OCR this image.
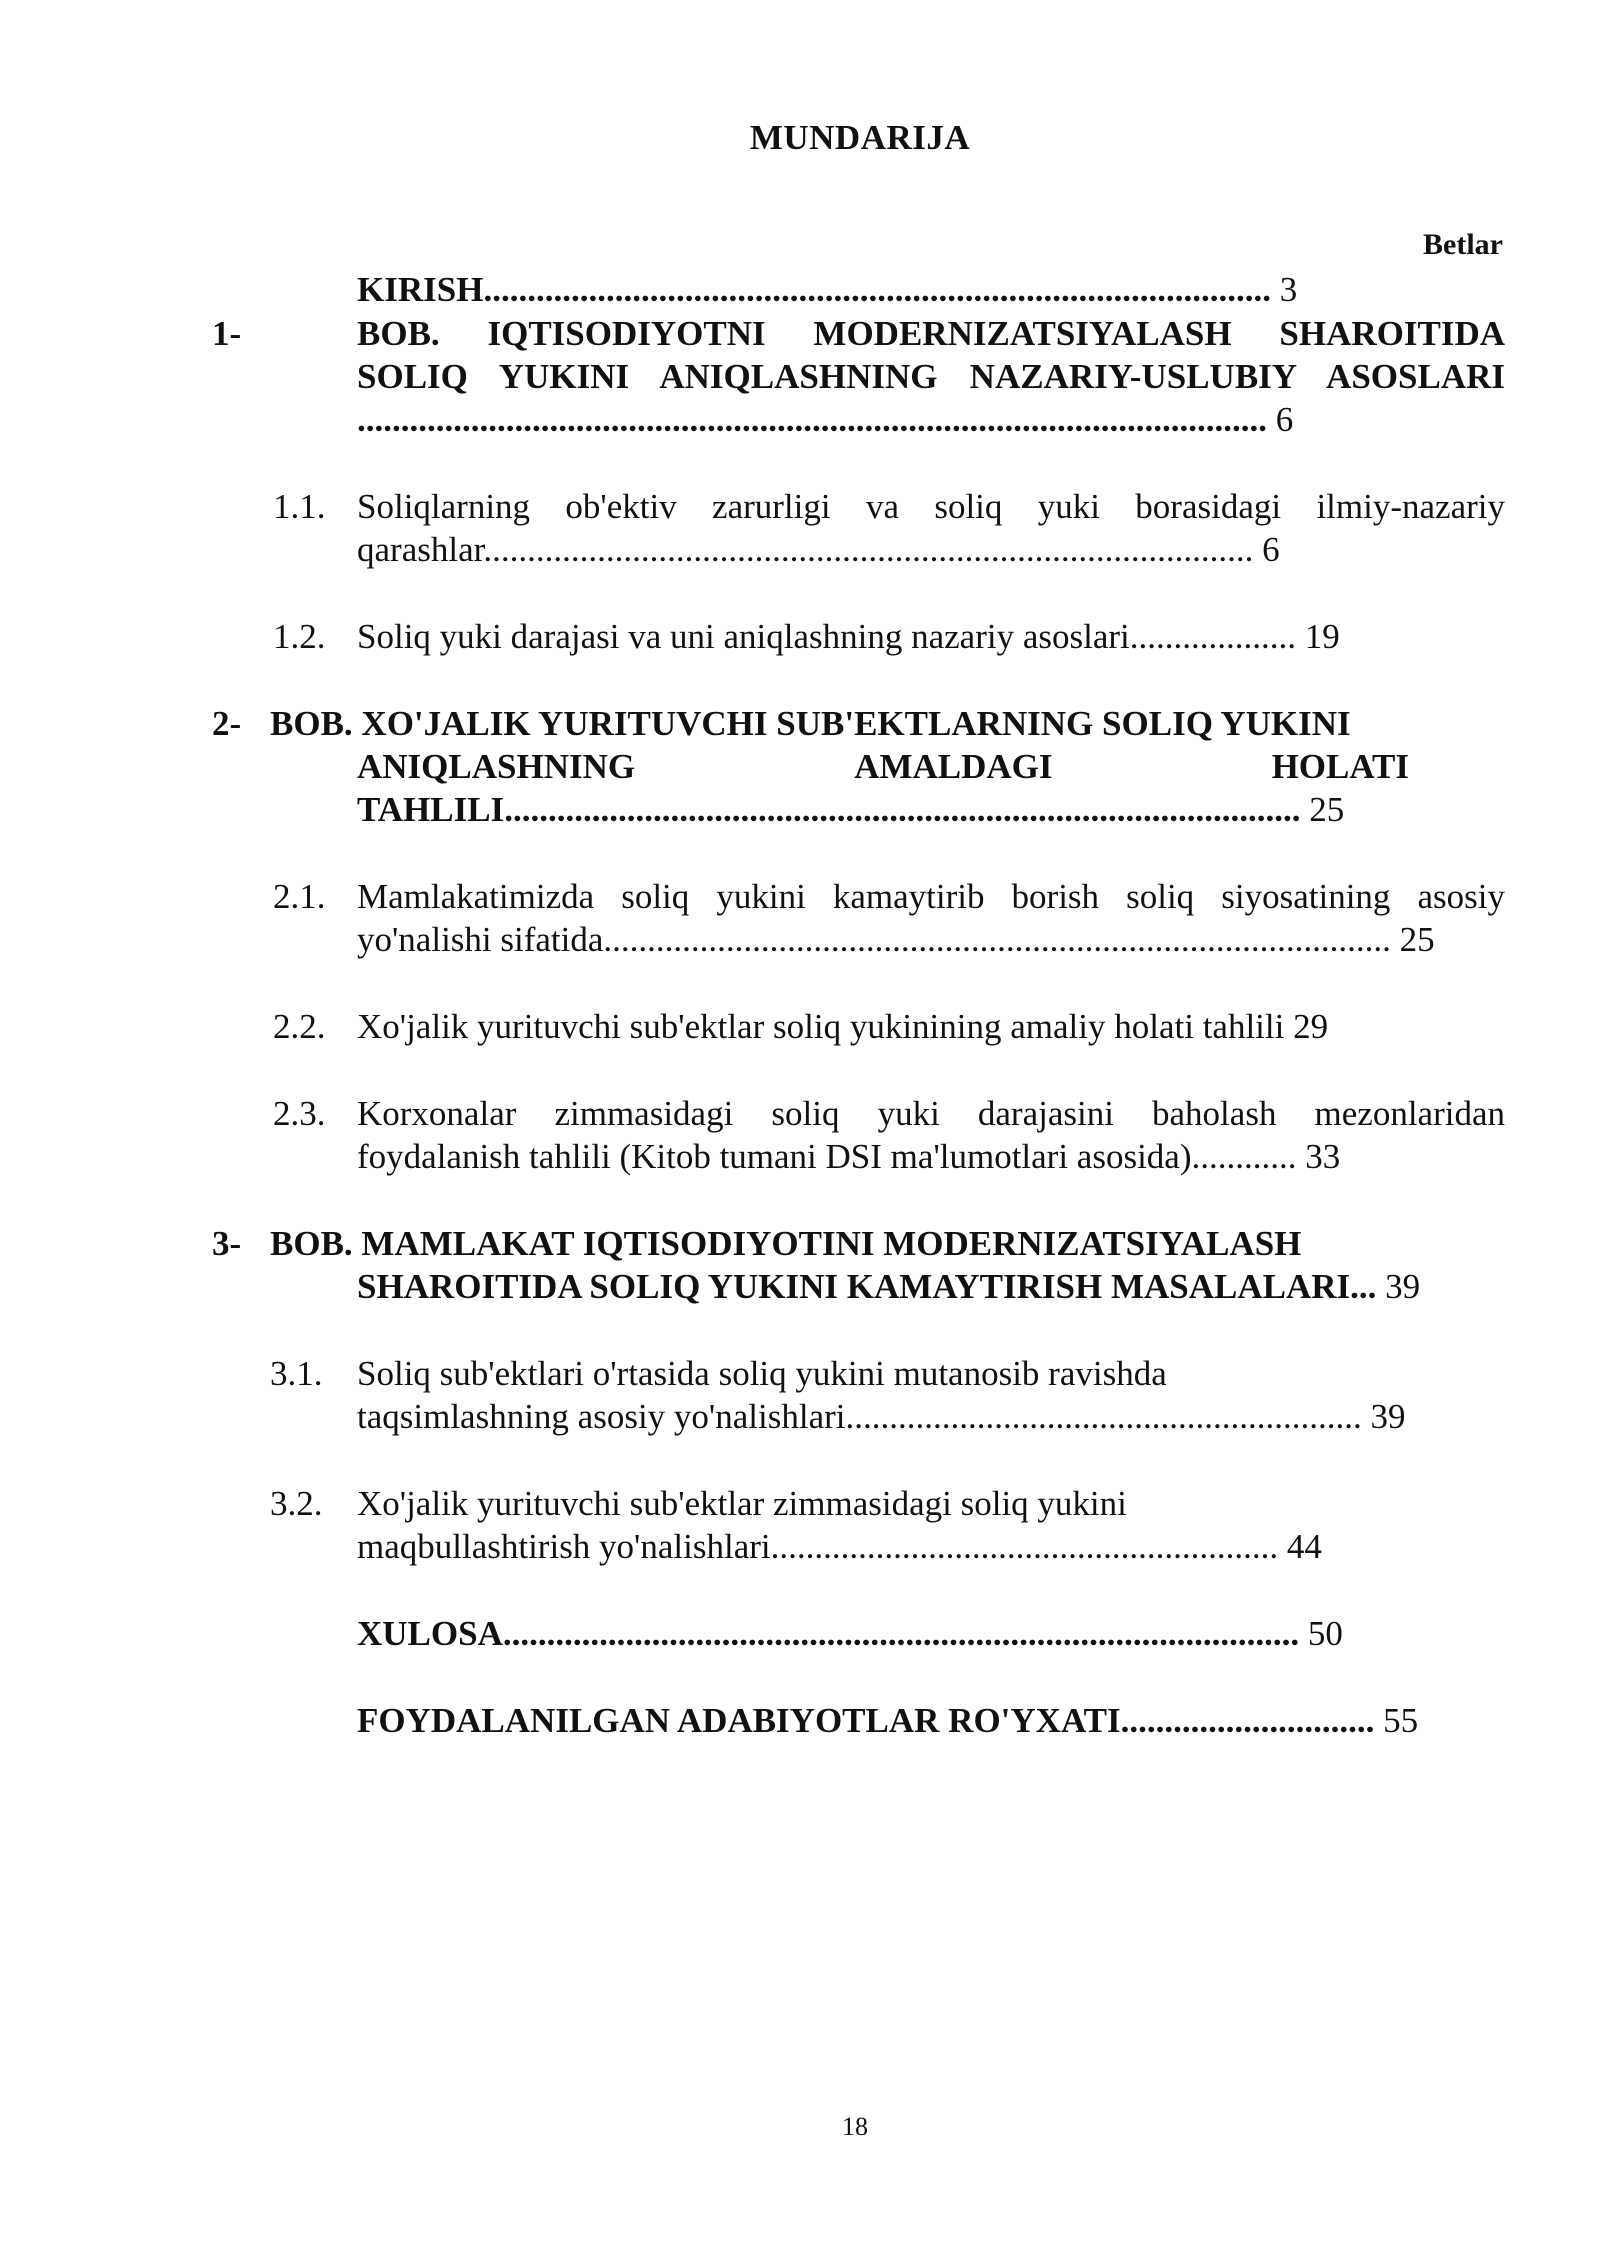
MUNDARIJA
Betlar
KIRISH.......................................................................................... 3
1-	BOB. IQTISODIYOTNI MODERNIZATSIYALASH SHAROITIDA
SOLIQ YUKINI ANIQLASHNING NAZARIY-USLUBIY ASOSLARI
........................................................................................................ 6
1.1. Soliqlarning ob'ektiv zarurligi va soliq yuki borasidagi ilmiy-nazariy
qarashlar........................................................................................ 6
1.2. Soliq yuki darajasi va uni aniqlashning nazariy asoslari................... 19
2- BOB. XO'JALIK YURITUVCHI SUB'EKTLARNING SOLIQ YUKINI
ANIQLASHNING	AMALDAGI	HOLATI
TAHLILI........................................................................................... 25
2.1. Mamlakatimizda soliq yukini kamaytirib borish soliq siyosatining asosiy
yo'nalishi sifatida.......................................................................................... 25
2.2. Xo'jalik yurituvchi sub'ektlar soliq yukinining amaliy holati tahlili 29
2.3. Korxonalar zimmasidagi soliq yuki darajasini baholash mezonlaridan
foydalanish tahlili (Kitob tumani DSI ma'lumotlari asosida)............ 33
3- BOB. MAMLAKAT IQTISODIYOTINI MODERNIZATSIYALASH
SHAROITIDA SOLIQ YUKINI KAMAYTIRISH MASALALARI... 39
3.1. Soliq sub'ektlari o'rtasida soliq yukini mutanosib ravishda
taqsimlashning asosiy yo'nalishlari........................................................... 39
3.2. Xo'jalik yurituvchi sub'ektlar zimmasidagi soliq yukini
maqbullashtirish yo'nalishlari.......................................................... 44
XULOSA........................................................................................... 50
FOYDALANILGAN ADABIYOTLAR RO'YXATI............................. 55
18
